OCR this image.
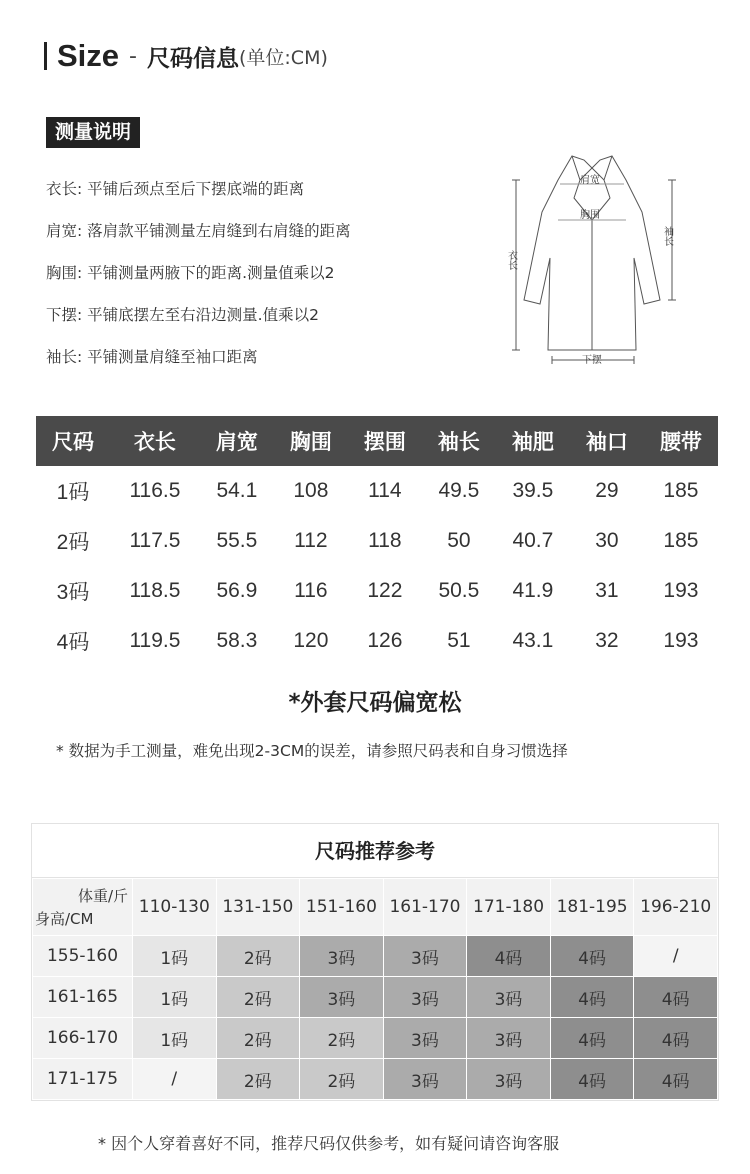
Size - 尺码信息 (单位:CM)
测量说明
衣长: 平铺后颈点至后下摆底端的距离
肩宽: 落肩款平铺测量左肩缝到右肩缝的距离
胸围: 平铺测量两腋下的距离.测量值乘以2
下摆: 平铺底摆左至右沿边测量.值乘以2
袖长: 平铺测量肩缝至袖口距离
肩宽
胸围
衣长
袖长
下摆
尺码	衣长	肩宽	胸围	摆围	袖长	袖肥	袖口	腰带
1码	116.5	54.1	108	114	49.5	39.5	29	185
2码	117.5	55.5	112	118	50	40.7	30	185
3码	118.5	56.9	116	122	50.5	41.9	31	193
4码	119.5	58.3	120	126	51	43.1	32	193
*外套尺码偏宽松
* 数据为手工测量，难免出现2-3CM的误差，请参照尺码表和自身习惯选择
尺码推荐参考
体重/斤
身高/CM	110-130	131-150	151-160	161-170	171-180	181-195	196-210
155-160	1码	2码	3码	3码	4码	4码	/
161-165	1码	2码	3码	3码	3码	4码	4码
166-170	1码	2码	2码	3码	3码	4码	4码
171-175	/	2码	2码	3码	3码	4码	4码
* 因个人穿着喜好不同，推荐尺码仅供参考，如有疑问请咨询客服
